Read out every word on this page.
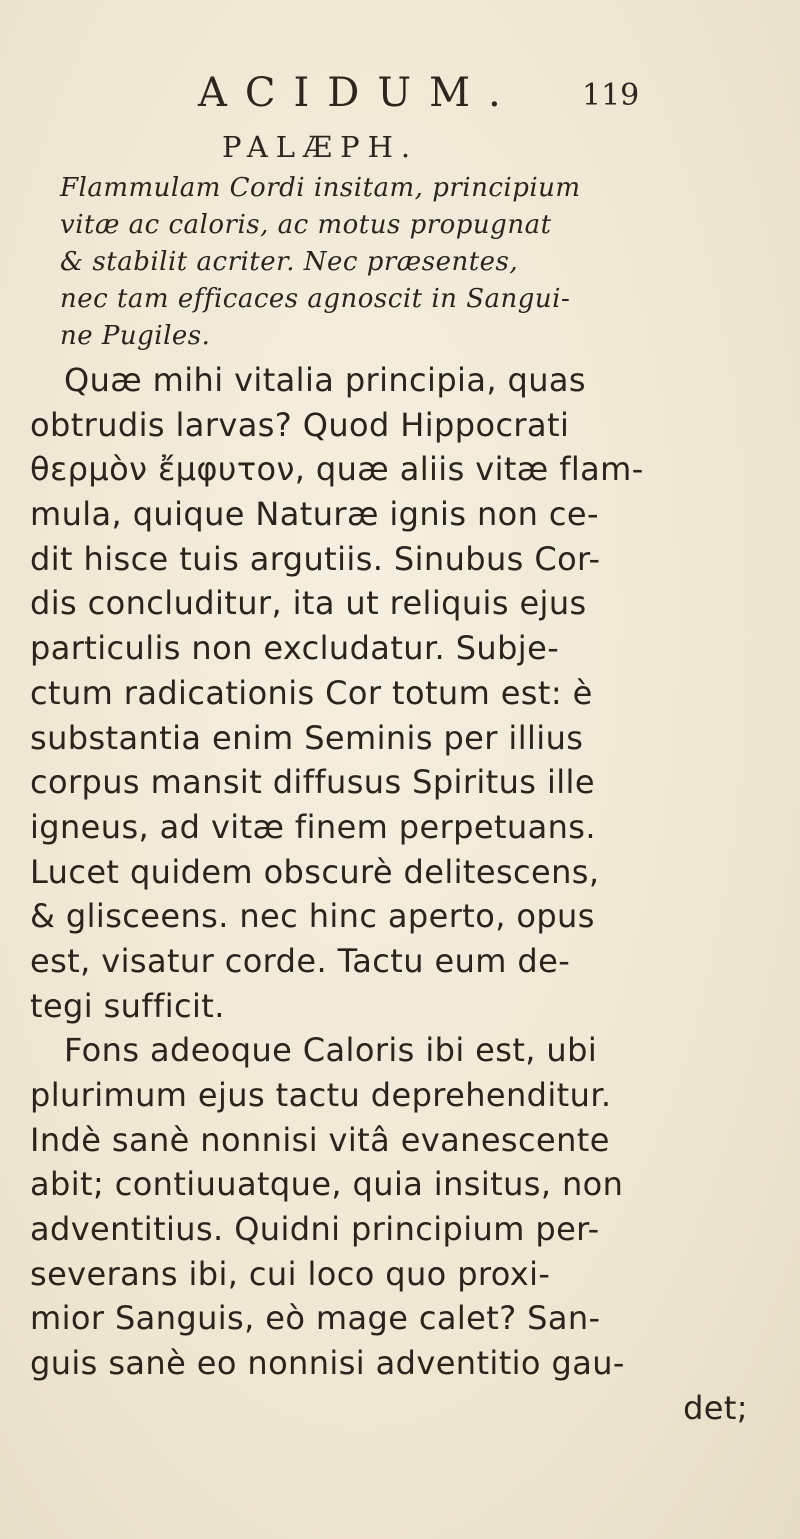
ACIDUM. 119
PALÆPH.
Flammulam Cordi insitam, principium
vitæ ac caloris, ac motus propugnat
& stabilit acriter. Nec præsentes,
nec tam efficaces agnoscit in Sangui-
ne Pugiles.
Quæ mihi vitalia principia, quas
obtrudis larvas? Quod Hippocrati
θερμὸν ἔμφυτον, quæ aliis vitæ flam-
mula, quique Naturæ ignis non ce-
dit hisce tuis argutiis. Sinubus Cor-
dis concluditur, ita ut reliquis ejus
particulis non excludatur. Subje-
ctum radicationis Cor totum est: è
substantia enim Seminis per illius
corpus mansit diffusus Spiritus ille
igneus, ad vitæ finem perpetuans.
Lucet quidem obscurè delitescens,
& glisceens. nec hinc aperto, opus
est, visatur corde. Tactu eum de-
tegi sufficit.
Fons adeoque Caloris ibi est, ubi
plurimum ejus tactu deprehenditur.
Indè sanè nonnisi vitâ evanescente
abit; contiuuatque, quia insitus, non
adventitius. Quidni principium per-
severans ibi, cui loco quo proxi-
mior Sanguis, eò mage calet? San-
guis sanè eo nonnisi adventitio gau-
det;
